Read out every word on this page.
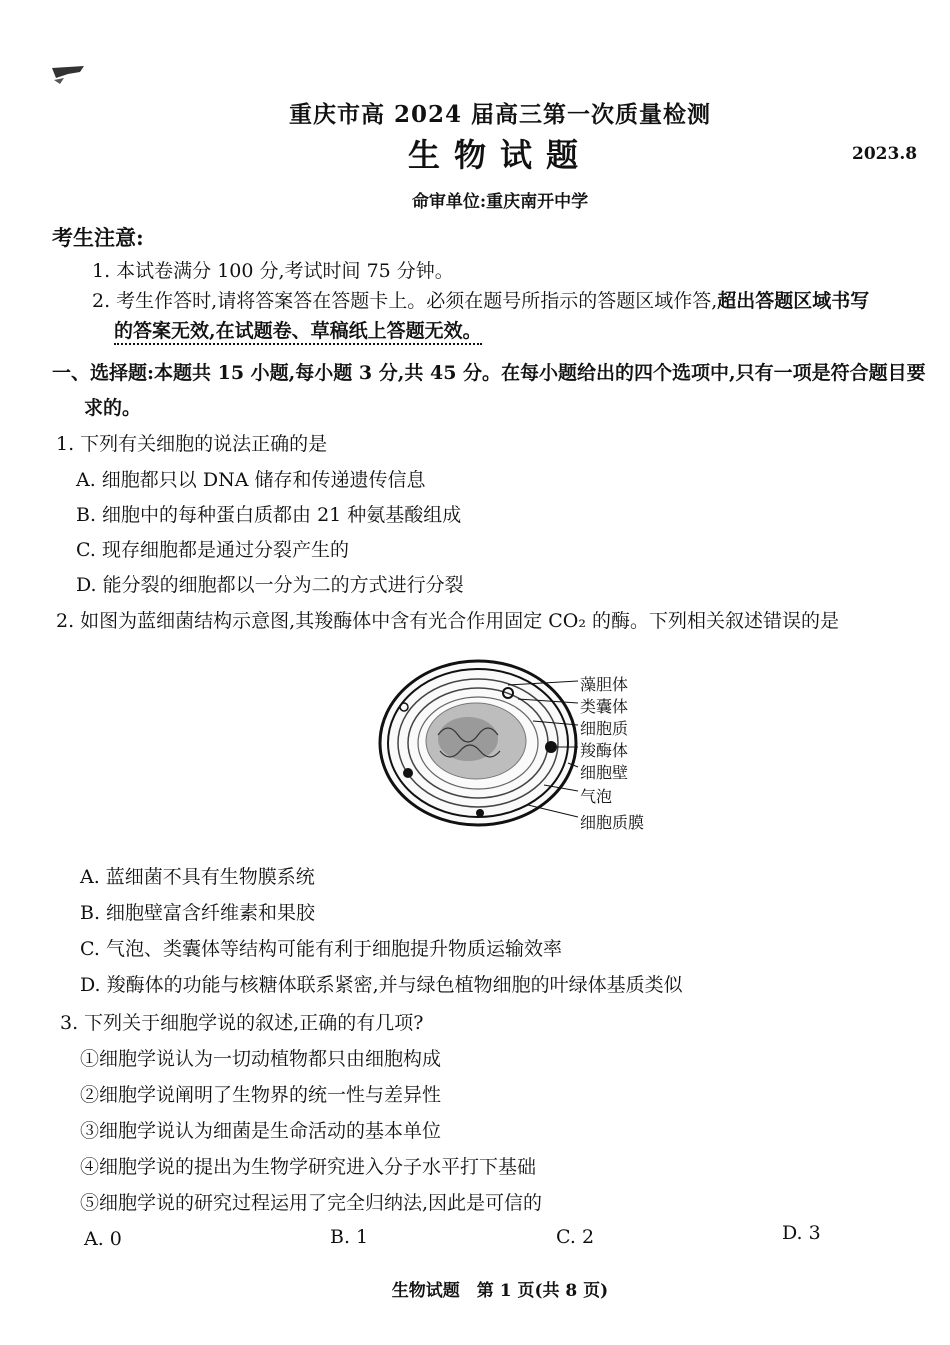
重庆市高 2024 届高三第一次质量检测
生物试题	2023.8
命审单位:重庆南开中学
考生注意:
1. 本试卷满分 100 分,考试时间 75 分钟。
2. 考生作答时,请将答案答在答题卡上。必须在题号所指示的答题区域作答,超出答题区域书写
的答案无效,在试题卷、草稿纸上答题无效。
一、选择题:本题共 15 小题,每小题 3 分,共 45 分。在每小题给出的四个选项中,只有一项是符合题目要
求的。
1. 下列有关细胞的说法正确的是
A. 细胞都只以 DNA 储存和传递遗传信息
B. 细胞中的每种蛋白质都由 21 种氨基酸组成
C. 现存细胞都是通过分裂产生的
D. 能分裂的细胞都以一分为二的方式进行分裂
2. 如图为蓝细菌结构示意图,其羧酶体中含有光合作用固定 CO₂ 的酶。下列相关叙述错误的是
藻胆体
类囊体
细胞质
羧酶体
细胞壁
气泡
细胞质膜
A. 蓝细菌不具有生物膜系统
B. 细胞壁富含纤维素和果胶
C. 气泡、类囊体等结构可能有利于细胞提升物质运输效率
D. 羧酶体的功能与核糖体联系紧密,并与绿色植物细胞的叶绿体基质类似
3. 下列关于细胞学说的叙述,正确的有几项?
①细胞学说认为一切动植物都只由细胞构成
②细胞学说阐明了生物界的统一性与差异性
③细胞学说认为细菌是生命活动的基本单位
④细胞学说的提出为生物学研究进入分子水平打下基础
⑤细胞学说的研究过程运用了完全归纳法,因此是可信的
A. 0	B. 1	C. 2	D. 3
生物试题　第 1 页(共 8 页)
